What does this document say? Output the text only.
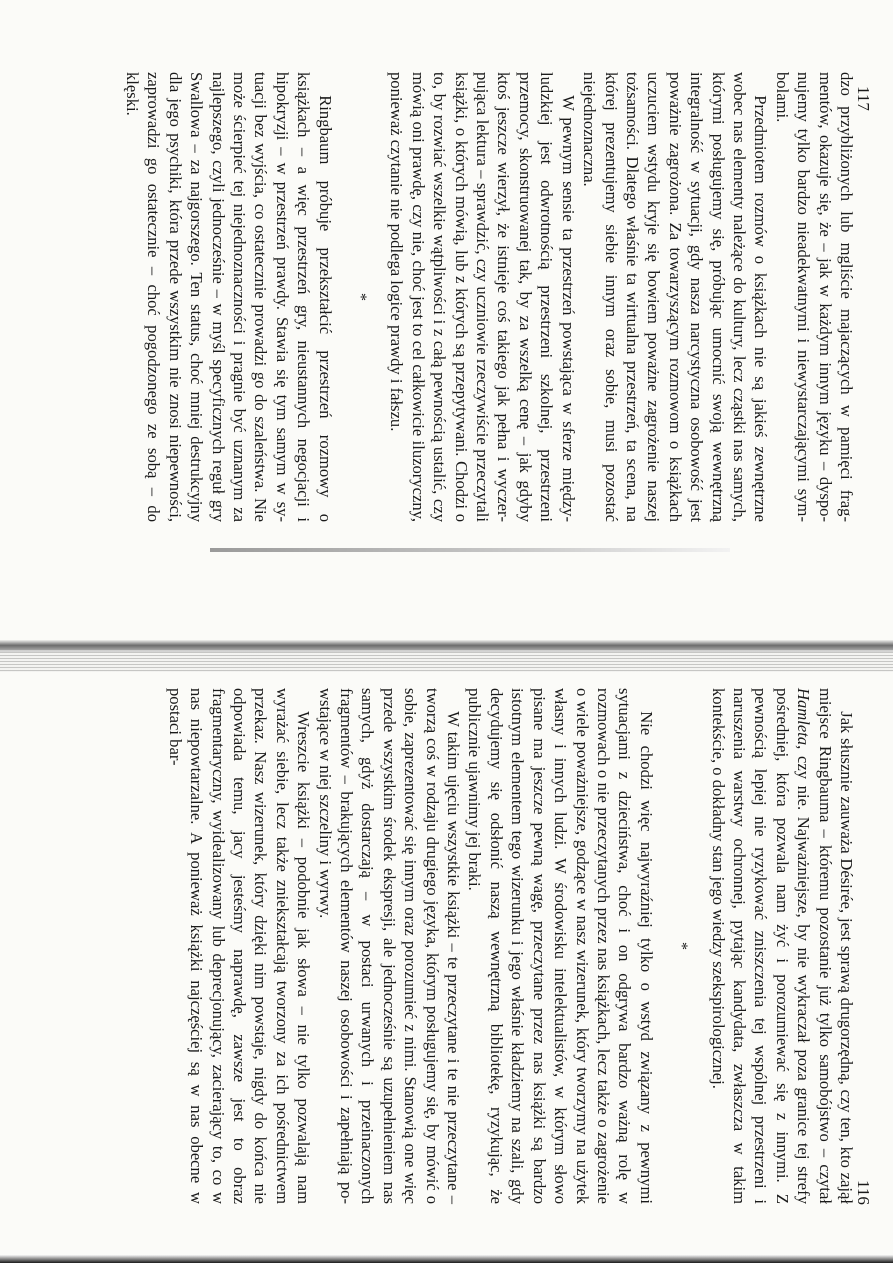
dzo przybliżonych lub mgliście majaczących w pamięci fragmentów, okazuje się, że – jak w każdym innym języku – dysponujemy tylko bardzo nieadekwatnymi i niewystarczającymi symbolami.

Przedmiotem rozmów o książkach nie są jakieś zewnętrzne wobec nas elementy należące do kultury, lecz cząstki nas samych, którymi posługujemy się, próbując umocnić swoją wewnętrzną integralność w sytuacji, gdy nasza narcystyczna osobowość jest poważnie zagrożona. Za towarzyszącym rozmowom o książkach uczuciem wstydu kryje się bowiem poważne zagrożenie naszej tożsamości. Dlatego właśnie ta wirtualna przestrzeń, ta scena, na której prezentujemy siebie innym oraz sobie, musi pozostać niejednoznaczna.

W pewnym sensie ta przestrzeń powstająca w sferze międzyludzkiej jest odwrotnością przestrzeni szkolnej, przestrzeni przemocy, skonstruowanej tak, by za wszelką cenę – jak gdyby ktoś jeszcze wierzył, że istnieje coś takiego jak pełna i wyczerpująca lektura – sprawdzić, czy uczniowie rzeczywiście przeczytali książki, o których mówią, lub z których są przepytywani. Chodzi o to, by rozwiać wszelkie wątpliwości i z całą pewnością ustalić, czy mówią oni prawdę, czy nie, choć jest to cel całkowicie iluzoryczny, ponieważ czytanie nie podlega logice prawdy i fałszu.

*

Ringbaum próbuje przekształcić przestrzeń rozmowy o książkach – a więc przestrzeń gry, nieustannych negocjacji i hipokryzji – w przestrzeń prawdy. Stawia się tym samym w sytuacji bez wyjścia, co ostatecznie prowadzi go do szaleństwa. Nie może ścierpieć tej niejednoznaczności i pragnie być uznanym za najlepszego, czyli jednocześnie – w myśl specyficznych reguł gry Swallowa – za najgorszego. Ten status, choć mniej destrukcyjny dla jego psychiki, która przede wszystkim nie znosi niepewności, zaprowadzi go ostatecznie – choć pogodzonego ze sobą – do klęski.	117

Jak słusznie zauważa Désirée, jest sprawą drugorzędną, czy ten, kto zajął miejsce Ringbauma – któremu pozostanie już tylko samobójstwo – czytał Hamleta, czy nie. Najważniejsze, by nie wykraczał poza granice tej strefy pośredniej, która pozwala nam żyć i porozumiewać się z innymi. Z pewnością lepiej nie ryzykować zniszczenia tej wspólnej przestrzeni i naruszenia warstwy ochronnej, pytając kandydata, zwłaszcza w takim kontekście, o dokładny stan jego wiedzy szekspirologicznej.

*

Nie chodzi więc najwyraźniej tylko o wstyd związany z pewnymi sytuacjami z dzieciństwa, choć i on odgrywa bardzo ważną rolę w rozmowach o nie przeczytanych przez nas książkach, lecz także o zagrożenie o wiele poważniejsze, godzące w nasz wizerunek, który tworzymy na użytek własny i innych ludzi. W środowisku intelektualistów, w którym słowo pisane ma jeszcze pewną wagę, przeczytane przez nas książki są bardzo istotnym elementem tego wizerunku i jego właśnie kładziemy na szali, gdy decydujemy się odsłonić naszą wewnętrzną bibliotekę, ryzykując, że publicznie ujawnimy jej braki.

W takim ujęciu wszystkie książki – te przeczytane i te nie przeczytane – tworzą coś w rodzaju drugiego języka, którym posługujemy się, by mówić o sobie, zaprezentować się innym oraz porozumieć z nimi. Stanowią one więc przede wszystkim środek ekspresji, ale jednocześnie są uzupełnieniem nas samych, gdyż dostarczają – w postaci urwanych i przeinaczonych fragmentów – brakujących elementów naszej osobowości i zapełniają powstające w niej szczeliny i wyrwy.

Wreszcie książki – podobnie jak słowa – nie tylko pozwalają nam wyrażać siebie, lecz także zniekształcają tworzony za ich pośrednictwem przekaz. Nasz wizerunek, który dzięki nim powstaje, nigdy do końca nie odpowiada temu, jacy jesteśmy naprawdę, zawsze jest to obraz fragmentaryczny, wyidealizowany lub deprecjonujący, zacierający to, co w nas niepowtarzalne. A ponieważ książki najczęściej są w nas obecne w postaci bar-

116
